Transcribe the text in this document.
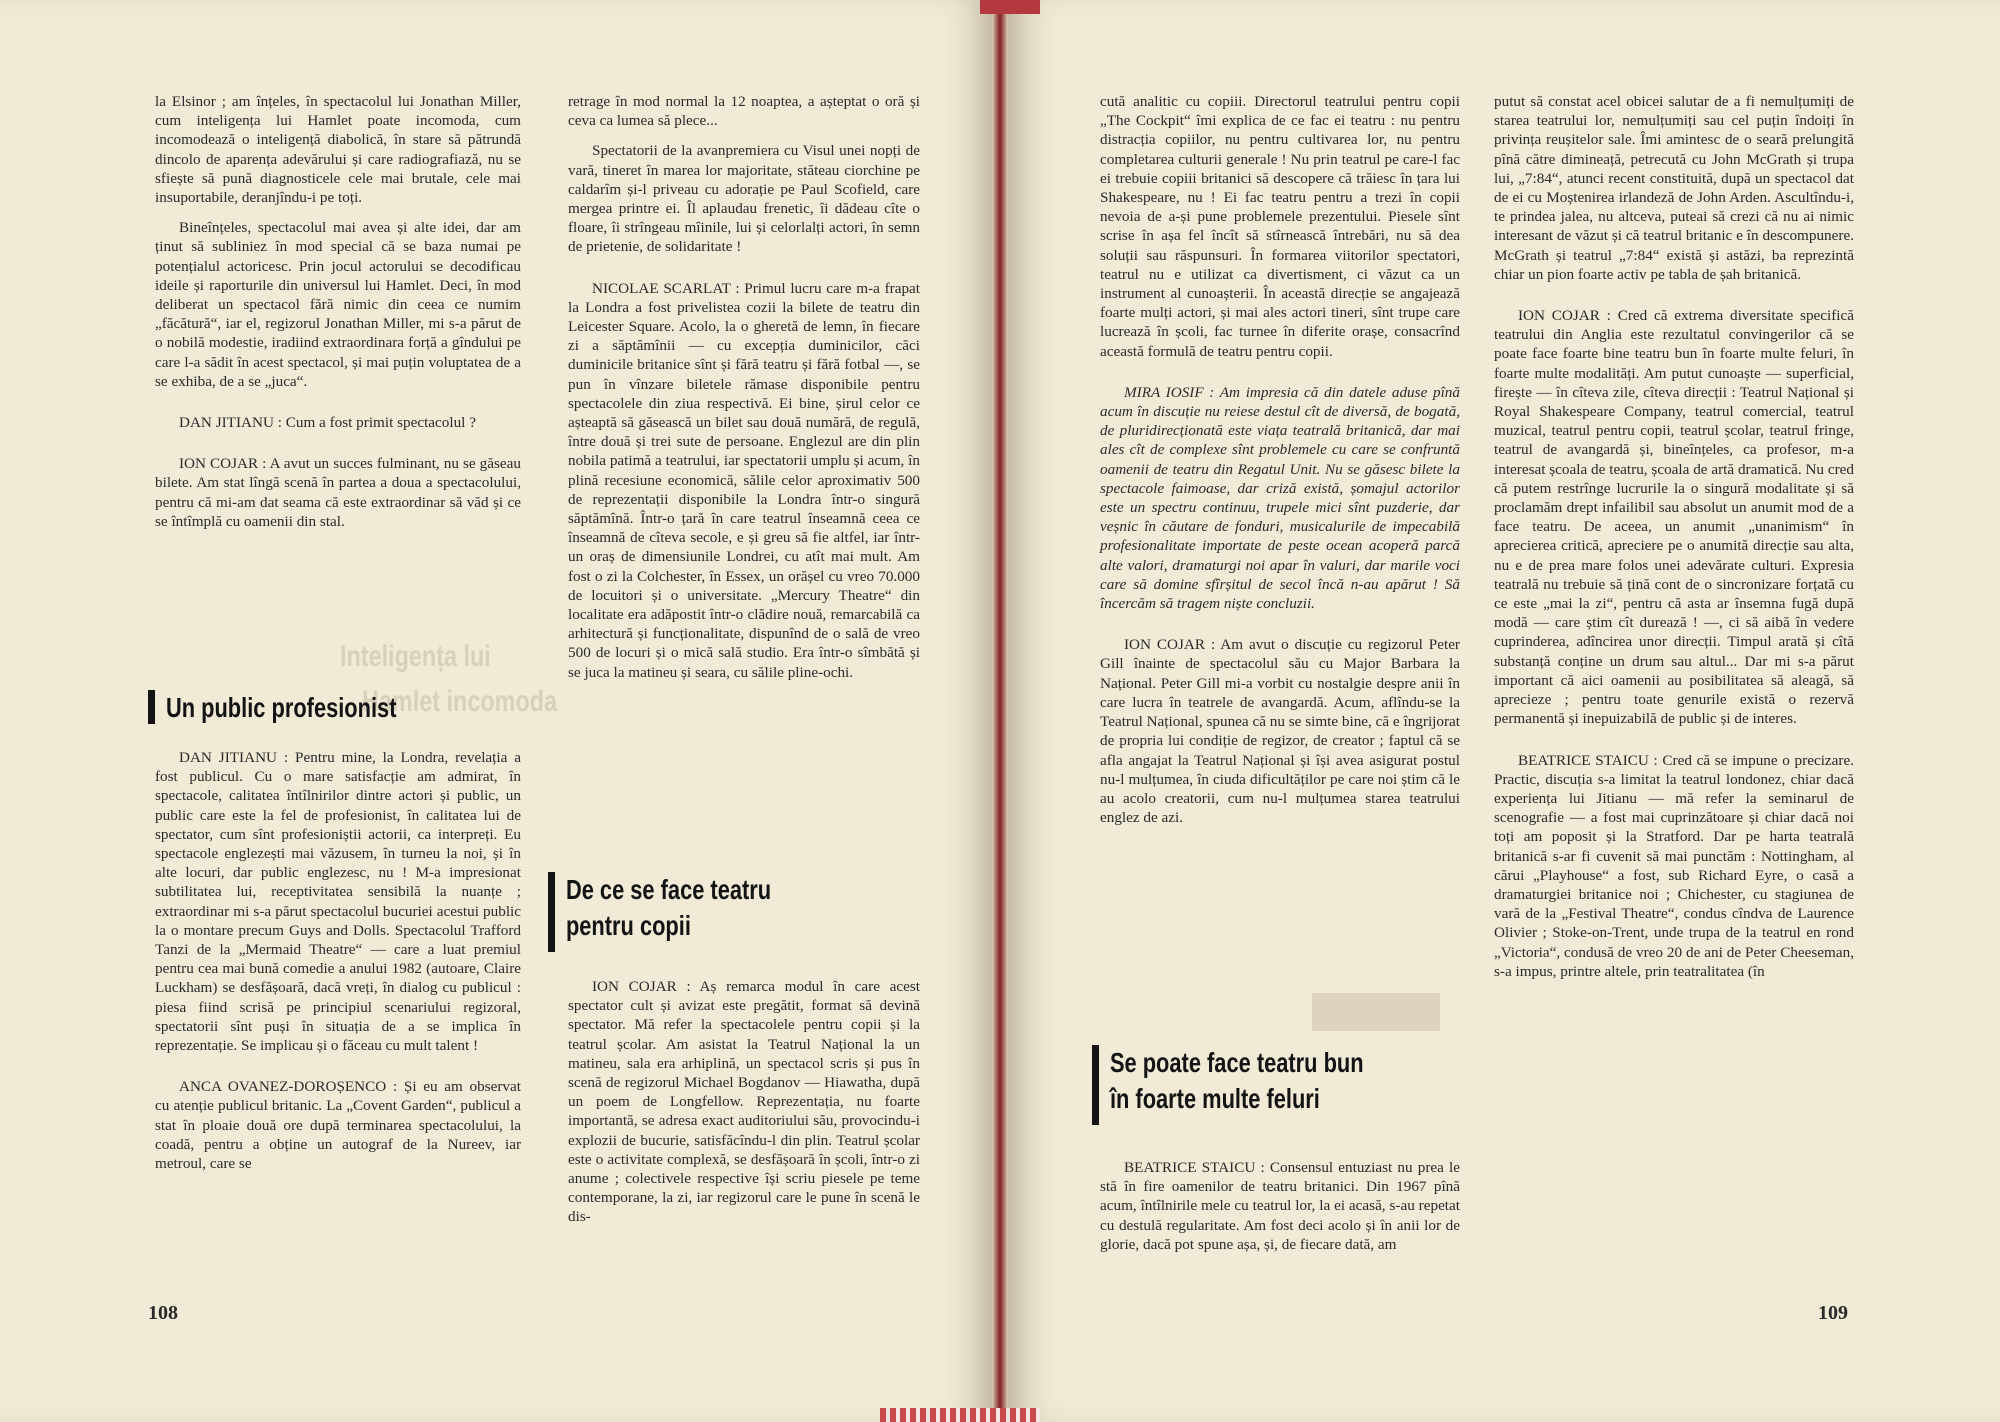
Inteligența lui
Hamlet incomoda

la Elsinor ; am înțeles, în spectacolul lui Jonathan Miller, cum inteligența lui Hamlet poate incomoda, cum incomodează o inteligență diabolică, în stare să pătrundă dincolo de aparența adevărului și care radiografiază, nu se sfiește să pună diagnosticele cele mai brutale, cele mai insuportabile, deranjîndu-i pe toți.

Bineînțeles, spectacolul mai avea și alte idei, dar am ținut să subliniez în mod special că se baza numai pe potențialul actoricesc. Prin jocul actorului se decodificau ideile și raporturile din universul lui Hamlet. Deci, în mod deliberat un spectacol fără nimic din ceea ce numim „făcătură“, iar el, regizorul Jonathan Miller, mi s-a părut de o nobilă modestie, iradiind extraordinara forță a gîndului pe care l-a sădit în acest spectacol, și mai puțin voluptatea de a se exhiba, de a se „juca“.

DAN JITIANU : Cum a fost primit spectacolul ?

ION COJAR : A avut un succes fulminant, nu se găseau bilete. Am stat lîngă scenă în partea a doua a spectacolului, pentru că mi-am dat seama că este extraordinar să văd și ce se întîmplă cu oamenii din stal.

Un public profesionist

DAN JITIANU : Pentru mine, la Londra, revelația a fost publicul. Cu o mare satisfacție am admirat, în spectacole, calitatea întîlnirilor dintre actori și public, un public care este la fel de profesionist, în calitatea lui de spectator, cum sînt profesioniștii actorii, ca interpreți. Eu spectacole englezești mai văzusem, în turneu la noi, și în alte locuri, dar public englezesc, nu ! M-a impresionat subtilitatea lui, receptivitatea sensibilă la nuanțe ; extraordinar mi s-a părut spectacolul bucuriei acestui public la o montare precum Guys and Dolls. Spectacolul Trafford Tanzi de la „Mermaid Theatre“ — care a luat premiul pentru cea mai bună comedie a anului 1982 (autoare, Claire Luckham) se desfășoară, dacă vreți, în dialog cu publicul : piesa fiind scrisă pe principiul scenariului regizoral, spectatorii sînt puși în situația de a se implica în reprezentație. Se implicau și o făceau cu mult talent !

ANCA OVANEZ-DOROȘENCO : Și eu am observat cu atenție publicul britanic. La „Covent Garden“, publicul a stat în ploaie două ore după terminarea spectacolului, la coadă, pentru a obține un autograf de la Nureev, iar metroul, care se

retrage în mod normal la 12 noaptea, a așteptat o oră și ceva ca lumea să plece...

Spectatorii de la avanpremiera cu Visul unei nopți de vară, tineret în marea lor majoritate, stăteau ciorchine pe caldarîm și-l priveau cu adorație pe Paul Scofield, care mergea printre ei. Îl aplaudau frenetic, îi dădeau cîte o floare, îi strîngeau mîinile, lui și celorlalți actori, în semn de prietenie, de solidaritate !

NICOLAE SCARLAT : Primul lucru care m-a frapat la Londra a fost privelistea cozii la bilete de teatru din Leicester Square. Acolo, la o gheretă de lemn, în fiecare zi a săptămînii — cu excepția duminicilor, căci duminicile britanice sînt și fără teatru și fără fotbal —, se pun în vînzare biletele rămase disponibile pentru spectacolele din ziua respectivă. Ei bine, șirul celor ce așteaptă să găsească un bilet sau două numără, de regulă, între două și trei sute de persoane. Englezul are din plin nobila patimă a teatrului, iar spectatorii umplu și acum, în plină recesiune economică, sălile celor aproximativ 500 de reprezentații disponibile la Londra într-o singură săptămînă. Într-o țară în care teatrul înseamnă ceea ce înseamnă de cîteva secole, e și greu să fie altfel, iar într-un oraș de dimensiunile Londrei, cu atît mai mult. Am fost o zi la Colchester, în Essex, un orășel cu vreo 70.000 de locuitori și o universitate. „Mercury Theatre“ din localitate era adăpostit într-o clădire nouă, remarcabilă ca arhitectură și funcționalitate, dispunînd de o sală de vreo 500 de locuri și o mică sală studio. Era într-o sîmbătă și se juca la matineu și seara, cu sălile pline-ochi.

De ce se face teatru
pentru copii

ION COJAR : Aș remarca modul în care acest spectator cult și avizat este pregătit, format să devină spectator. Mă refer la spectacolele pentru copii și la teatrul școlar. Am asistat la Teatrul Național la un matineu, sala era arhiplină, un spectacol scris și pus în scenă de regizorul Michael Bogdanov — Hiawatha, după un poem de Longfellow. Reprezentația, nu foarte importantă, se adresa exact auditoriului său, provocindu-i explozii de bucurie, satisfăcîndu-l din plin. Teatrul școlar este o activitate complexă, se desfășoară în școli, într-o zi anume ; colectivele respective își scriu piesele pe teme contemporane, la zi, iar regizorul care le pune în scenă le dis-

108

cută analitic cu copiii. Directorul teatrului pentru copii „The Cockpit“ îmi explica de ce fac ei teatru : nu pentru distracția copiilor, nu pentru cultivarea lor, nu pentru completarea culturii generale ! Nu prin teatrul pe care-l fac ei trebuie copiii britanici să descopere că trăiesc în țara lui Shakespeare, nu ! Ei fac teatru pentru a trezi în copii nevoia de a-și pune problemele prezentului. Piesele sînt scrise în așa fel încît să stîrnească întrebări, nu să dea soluții sau răspunsuri. În formarea viitorilor spectatori, teatrul nu e utilizat ca divertisment, ci văzut ca un instrument al cunoașterii. În această direcție se angajează foarte mulți actori, și mai ales actori tineri, sînt trupe care lucrează în școli, fac turnee în diferite orașe, consacrînd această formulă de teatru pentru copii.

MIRA IOSIF : Am impresia că din datele aduse pînă acum în discuție nu reiese destul cît de diversă, de bogată, de pluridirecționată este viața teatrală britanică, dar mai ales cît de complexe sînt problemele cu care se confruntă oamenii de teatru din Regatul Unit. Nu se găsesc bilete la spectacole faimoase, dar criză există, șomajul actorilor este un spectru continuu, trupele mici sînt puzderie, dar veșnic în căutare de fonduri, musicalurile de impecabilă profesionalitate importate de peste ocean acoperă parcă alte valori, dramaturgi noi apar în valuri, dar marile voci care să domine sfîrșitul de secol încă n-au apărut ! Să încercăm să tragem niște concluzii.

ION COJAR : Am avut o discuție cu regizorul Peter Gill înainte de spectacolul său cu Major Barbara la Național. Peter Gill mi-a vorbit cu nostalgie despre anii în care lucra în teatrele de avangardă. Acum, aflîndu-se la Teatrul Național, spunea că nu se simte bine, că e îngrijorat de propria lui condiție de regizor, de creator ; faptul că se afla angajat la Teatrul Național și își avea asigurat postul nu-l mulțumea, în ciuda dificultăților pe care noi știm că le au acolo creatorii, cum nu-l mulțumea starea teatrului englez de azi.

Se poate face teatru bun
în foarte multe feluri

BEATRICE STAICU : Consensul entuziast nu prea le stă în fire oamenilor de teatru britanici. Din 1967 pînă acum, întîlnirile mele cu teatrul lor, la ei acasă, s-au repetat cu destulă regularitate. Am fost deci acolo și în anii lor de glorie, dacă pot spune așa, și, de fiecare dată, am

putut să constat acel obicei salutar de a fi nemulțumiți de starea teatrului lor, nemulțumiți sau cel puțin îndoiți în privința reușitelor sale. Îmi amintesc de o seară prelungită pînă către dimineață, petrecută cu John McGrath și trupa lui, „7:84“, atunci recent constituită, după un spectacol dat de ei cu Moștenirea irlandeză de John Arden. Ascultîndu-i, te prindea jalea, nu altceva, puteai să crezi că nu ai nimic interesant de văzut și că teatrul britanic e în descompunere. McGrath și teatrul „7:84“ există și astăzi, ba reprezintă chiar un pion foarte activ pe tabla de șah britanică.

ION COJAR : Cred că extrema diversitate specifică teatrului din Anglia este rezultatul convingerilor că se poate face foarte bine teatru bun în foarte multe feluri, în foarte multe modalități. Am putut cunoaște — superficial, firește — în cîteva zile, cîteva direcții : Teatrul Național și Royal Shakespeare Company, teatrul comercial, teatrul muzical, teatrul pentru copii, teatrul școlar, teatrul fringe, teatrul de avangardă și, bineînțeles, ca profesor, m-a interesat școala de teatru, școala de artă dramatică. Nu cred că putem restrînge lucrurile la o singură modalitate și să proclamăm drept infailibil sau absolut un anumit mod de a face teatru. De aceea, un anumit „unanimism“ în aprecierea critică, apreciere pe o anumită direcție sau alta, nu e de prea mare folos unei adevărate culturi. Expresia teatrală nu trebuie să țină cont de o sincronizare forțată cu ce este „mai la zi“, pentru că asta ar însemna fugă după modă — care știm cît durează ! —, ci să aibă în vedere cuprinderea, adîncirea unor direcții. Timpul arată și cîtă substanță conține un drum sau altul... Dar mi s-a părut important că aici oamenii au posibilitatea să aleagă, să aprecieze ; pentru toate genurile există o rezervă permanentă și inepuizabilă de public și de interes.

BEATRICE STAICU : Cred că se impune o precizare. Practic, discuția s-a limitat la teatrul londonez, chiar dacă experiența lui Jitianu — mă refer la seminarul de scenografie — a fost mai cuprinzătoare și chiar dacă noi toți am poposit și la Stratford. Dar pe harta teatrală britanică s-ar fi cuvenit să mai punctăm : Nottingham, al cărui „Playhouse“ a fost, sub Richard Eyre, o casă a dramaturgiei britanice noi ; Chichester, cu stagiunea de vară de la „Festival Theatre“, condus cîndva de Laurence Olivier ; Stoke-on-Trent, unde trupa de la teatrul en rond „Victoria“, condusă de vreo 20 de ani de Peter Cheeseman, s-a impus, printre altele, prin teatralitatea (în

109
